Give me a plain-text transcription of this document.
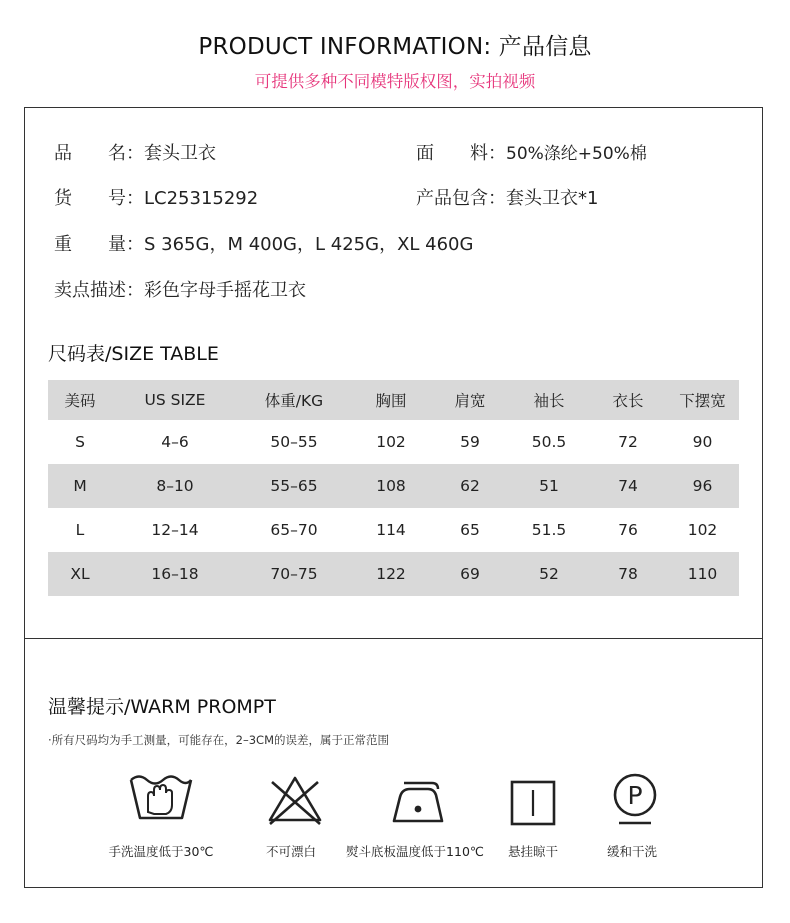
PRODUCT INFORMATION: 产品信息
可提供多种不同模特版权图，实拍视频
品　　名：套头卫衣	面　　料：50%涤纶+50%棉
货　　号：LC25315292	产品包含：套头卫衣*1
重　　量：S 365G，M 400G，L 425G，XL 460G
卖点描述：彩色字母手摇花卫衣
尺码表/SIZE TABLE
美码	US SIZE	体重/KG	胸围	肩宽	袖长	衣长	下摆宽
S	4–6	50–55	102	59	50.5	72	90
M	8–10	55–65	108	62	51	74	96
L	12–14	65–70	114	65	51.5	76	102
XL	16–18	70–75	122	69	52	78	110
温馨提示/WARM PROMPT
·所有尺码均为手工测量，可能存在，2–3CM的误差，属于正常范围
手洗温度低于30℃	不可漂白	熨斗底板温度低于110℃	悬挂晾干
P
缓和干洗
